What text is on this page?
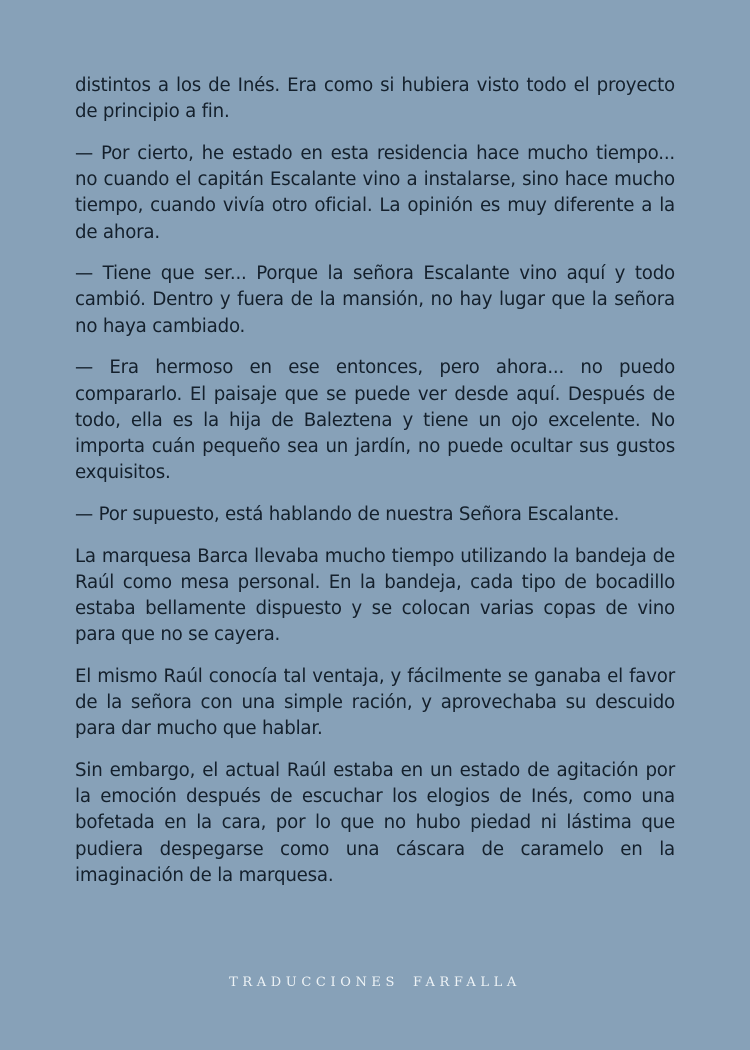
distintos a los de Inés. Era como si hubiera visto todo el proyecto de principio a fin.

— Por cierto, he estado en esta residencia hace mucho tiempo... no cuando el capitán Escalante vino a instalarse, sino hace mucho tiempo, cuando vivía otro oficial. La opinión es muy diferente a la de ahora.

— Tiene que ser... Porque la señora Escalante vino aquí y todo cambió. Dentro y fuera de la mansión, no hay lugar que la señora no haya cambiado.

— Era hermoso en ese entonces, pero ahora... no puedo compararlo. El paisaje que se puede ver desde aquí. Después de todo, ella es la hija de Baleztena y tiene un ojo excelente. No importa cuán pequeño sea un jardín, no puede ocultar sus gustos exquisitos.

— Por supuesto, está hablando de nuestra Señora Escalante.

La marquesa Barca llevaba mucho tiempo utilizando la bandeja de Raúl como mesa personal. En la bandeja, cada tipo de bocadillo estaba bellamente dispuesto y se colocan varias copas de vino para que no se cayera.

El mismo Raúl conocía tal ventaja, y fácilmente se ganaba el favor de la señora con una simple ración, y aprovechaba su descuido para dar mucho que hablar.

Sin embargo, el actual Raúl estaba en un estado de agitación por la emoción después de escuchar los elogios de Inés, como una bofetada en la cara, por lo que no hubo piedad ni lástima que pudiera despegarse como una cáscara de caramelo en la imaginación de la marquesa.

TRADUCCIONES FARFALLA
